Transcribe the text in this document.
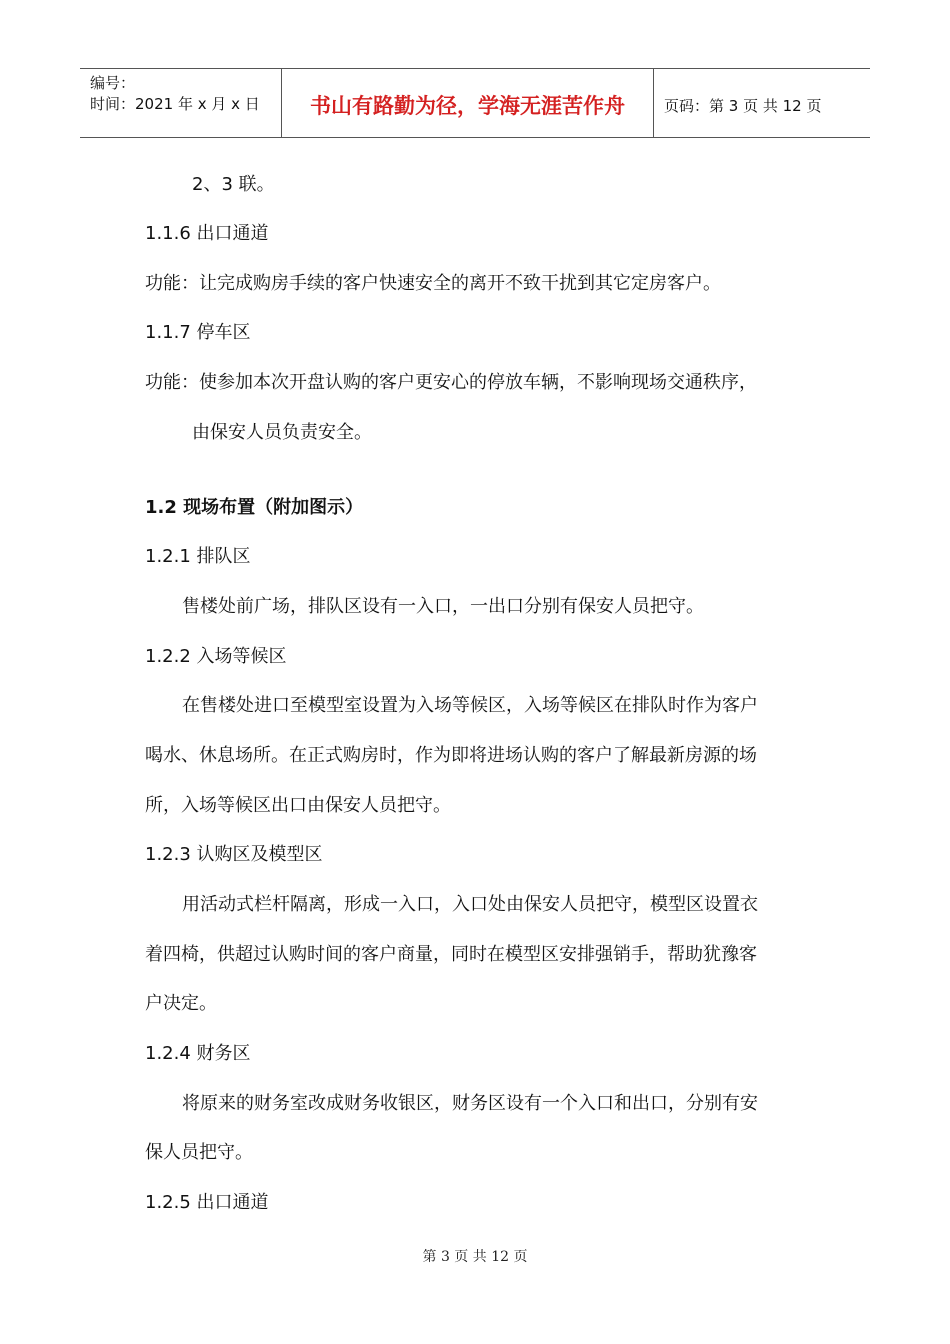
编号：
时间：2021 年 x 月 x 日	书山有路勤为径，学海无涯苦作舟	页码：第 3 页 共 12 页
2、3 联。
1.1.6 出口通道
功能：让完成购房手续的客户快速安全的离开不致干扰到其它定房客户。
1.1.7 停车区
功能：使参加本次开盘认购的客户更安心的停放车辆，不影响现场交通秩序，
由保安人员负责安全。
1.2 现场布置（附加图示）
1.2.1 排队区
售楼处前广场，排队区设有一入口，一出口分别有保安人员把守。
1.2.2 入场等候区
在售楼处进口至模型室设置为入场等候区，入场等候区在排队时作为客户
喝水、休息场所。在正式购房时，作为即将进场认购的客户了解最新房源的场
所，入场等候区出口由保安人员把守。
1.2.3 认购区及模型区
用活动式栏杆隔离，形成一入口，入口处由保安人员把守，模型区设置衣
着四椅，供超过认购时间的客户商量，同时在模型区安排强销手，帮助犹豫客
户决定。
1.2.4 财务区
将原来的财务室改成财务收银区，财务区设有一个入口和出口，分别有安
保人员把守。
1.2.5 出口通道
第 3 页 共 12 页
